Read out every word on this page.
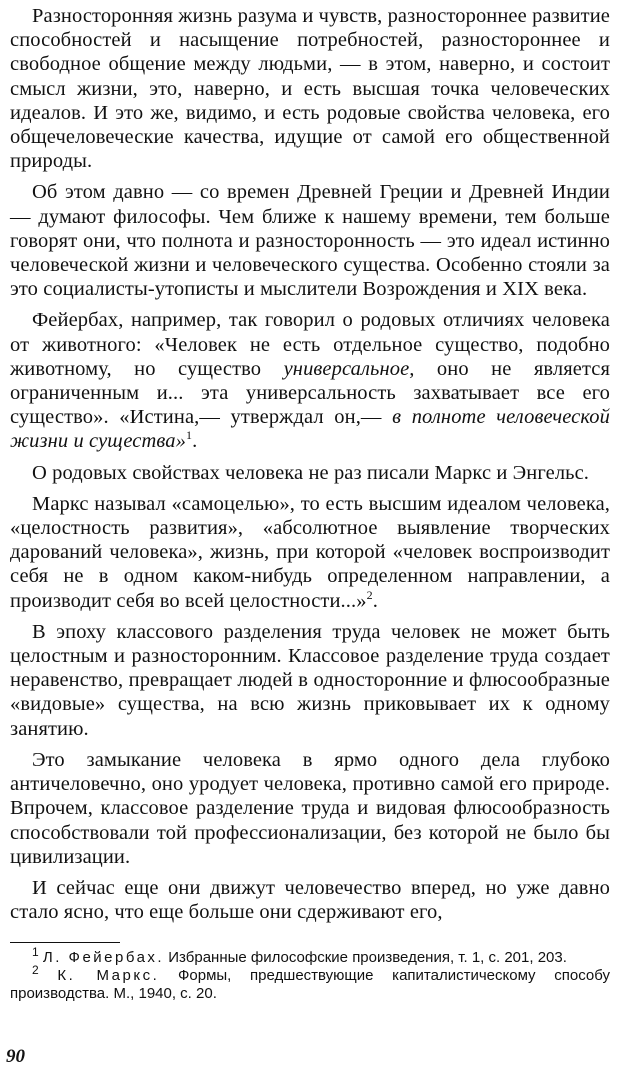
Разносторонняя жизнь разума и чувств, разностороннее развитие способностей и насыщение потребностей, разностороннее и свободное общение между людьми, — в этом, наверно, и состоит смысл жизни, это, наверно, и есть высшая точка человеческих идеалов. И это же, видимо, и есть родовые свойства человека, его общечеловеческие качества, идущие от самой его общественной природы.

Об этом давно — со времен Древней Греции и Древней Индии — думают философы. Чем ближе к нашему времени, тем больше говорят они, что полнота и разносторонность — это идеал истинно человеческой жизни и человеческого существа. Особенно стояли за это социалисты-утописты и мыслители Возрождения и XIX века.

Фейербах, например, так говорил о родовых отличиях человека от животного: «Человек не есть отдельное существо, подобно животному, но существо универсальное, оно не является ограниченным и... эта универсальность захватывает все его существо». «Истина,— утверждал он,— в полноте человеческой жизни и существа»$^1$.

О родовых свойствах человека не раз писали Маркс и Энгельс.

Маркс называл «самоцелью», то есть высшим идеалом человека, «целостность развития», «абсолютное выявление творческих дарований человека», жизнь, при которой «человек воспроизводит себя не в одном каком-нибудь определенном направлении, а производит себя во всей целостности...»$^2$.

В эпоху классового разделения труда человек не может быть целостным и разносторонним. Классовое разделение труда создает неравенство, превращает людей в односторонние и флюсообразные «видовые» существа, на всю жизнь приковывает их к одному занятию.

Это замыкание человека в ярмо одного дела глубоко античеловечно, оно уродует человека, противно самой его природе. Впрочем, классовое разделение труда и видовая флюсообразность способствовали той профессионализации, без которой не было бы цивилизации.

И сейчас еще они движут человечество вперед, но уже давно стало ясно, что еще больше они сдерживают его,

$^1$ Л. Фейербах. Избранные философские произведения, т. 1, с. 201, 203.

$^2$ К. Маркс. Формы, предшествующие капиталистическому способу производства. М., 1940, с. 20.

90
